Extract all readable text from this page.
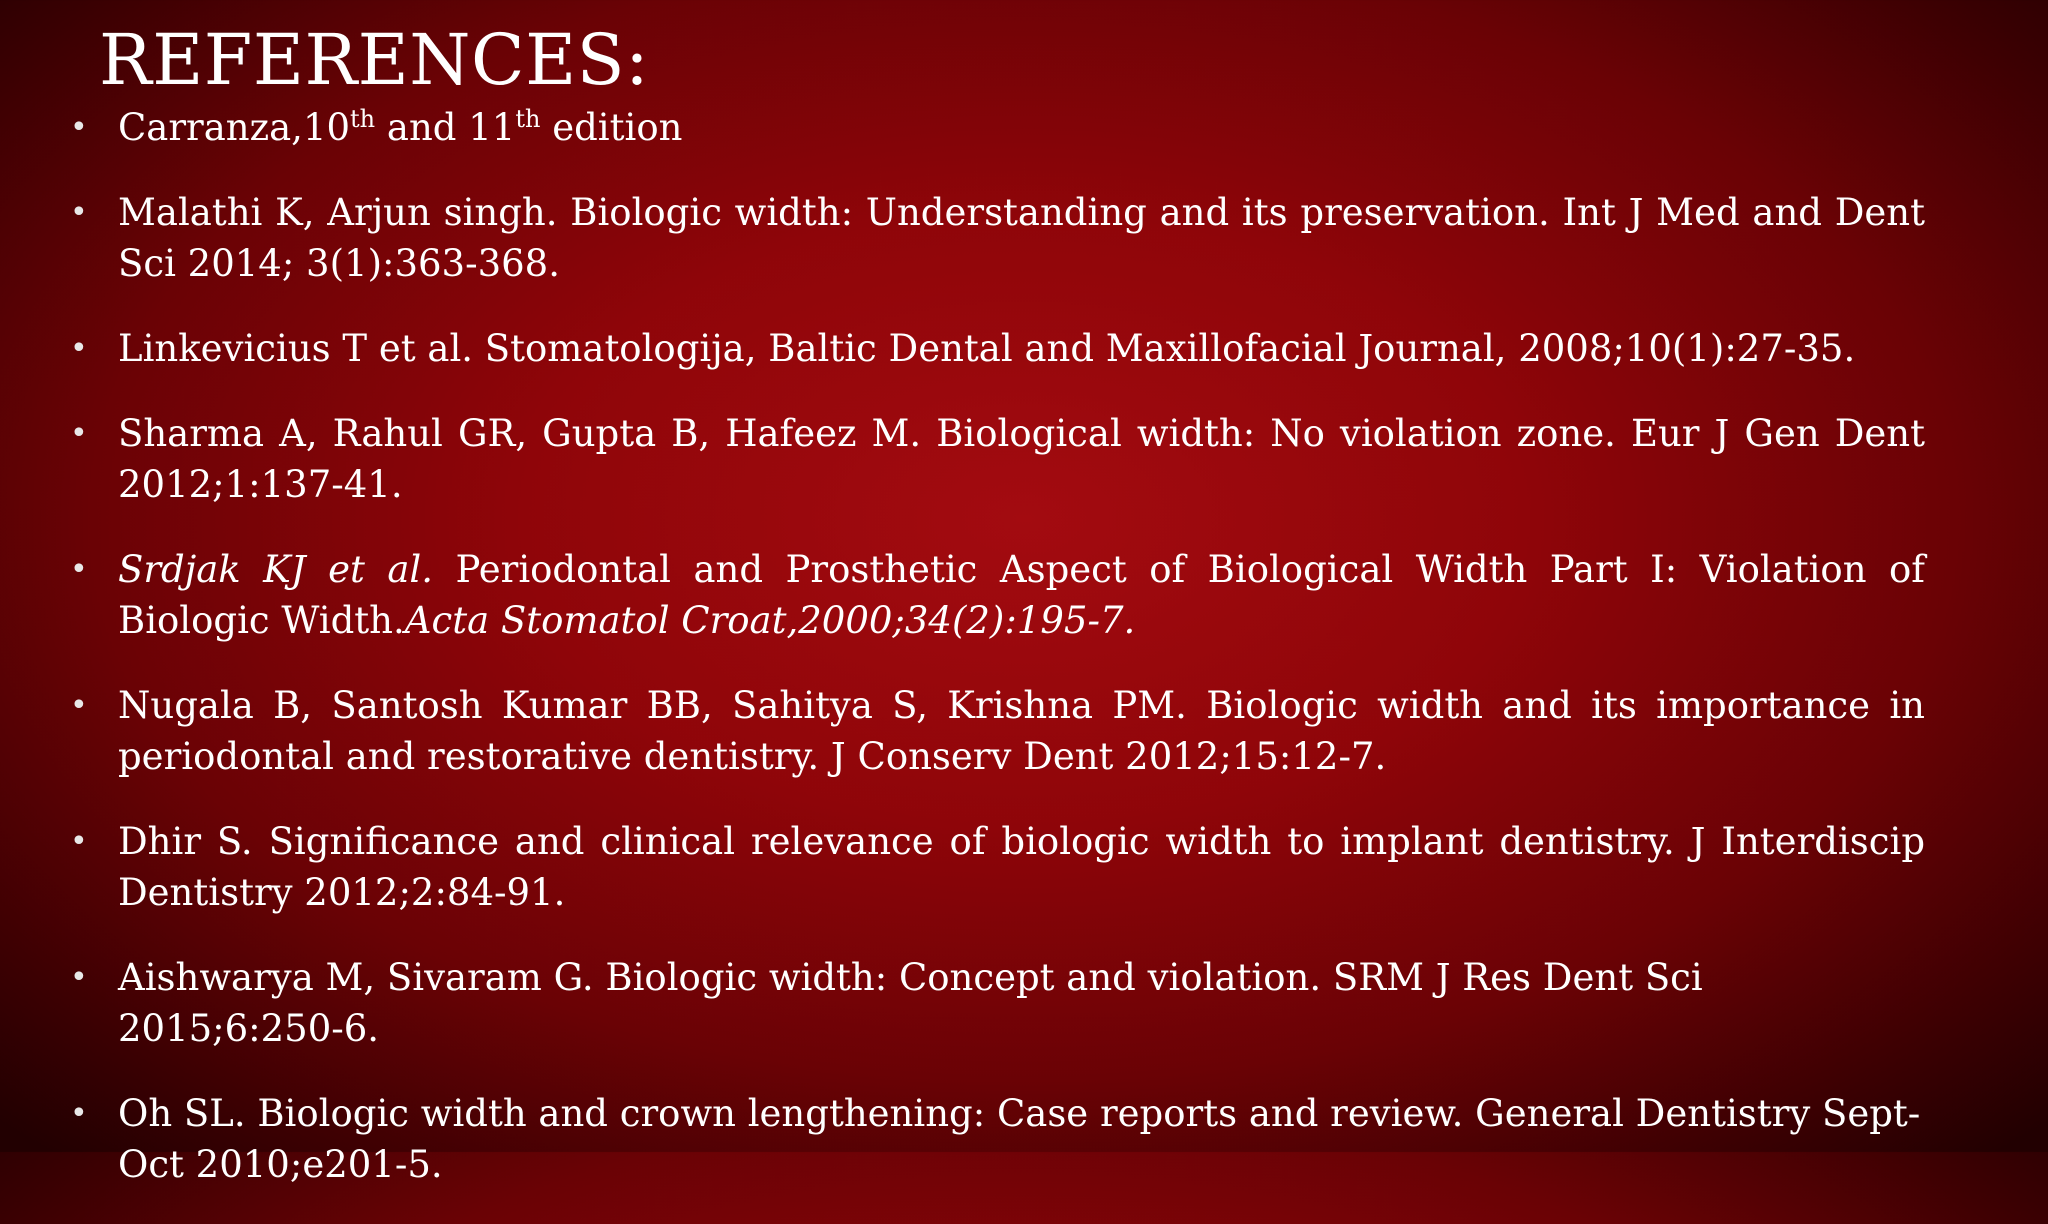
REFERENCES:
• Carranza,10th and 11th edition
• Malathi K, Arjun singh. Biologic width: Understanding and its preservation. Int J Med and Dent Sci 2014; 3(1):363-368.
• Linkevicius T et al. Stomatologija, Baltic Dental and Maxillofacial Journal, 2008;10(1):27-35.
• Sharma A, Rahul GR, Gupta B, Hafeez M. Biological width: No violation zone. Eur J Gen Dent 2012;1:137-41.
• Srdjak KJ et al. Periodontal and Prosthetic Aspect of Biological Width Part I: Violation of Biologic Width.Acta Stomatol Croat,2000;34(2):195-7.
• Nugala B, Santosh Kumar BB, Sahitya S, Krishna PM. Biologic width and its importance in periodontal and restorative dentistry. J Conserv Dent 2012;15:12-7.
• Dhir S. Significance and clinical relevance of biologic width to implant dentistry. J Interdiscip Dentistry 2012;2:84-91.
• Aishwarya M, Sivaram G. Biologic width: Concept and violation. SRM J Res Dent Sci 2015;6:250-6.
• Oh SL. Biologic width and crown lengthening: Case reports and review. General Dentistry Sept-Oct 2010;e201-5.
